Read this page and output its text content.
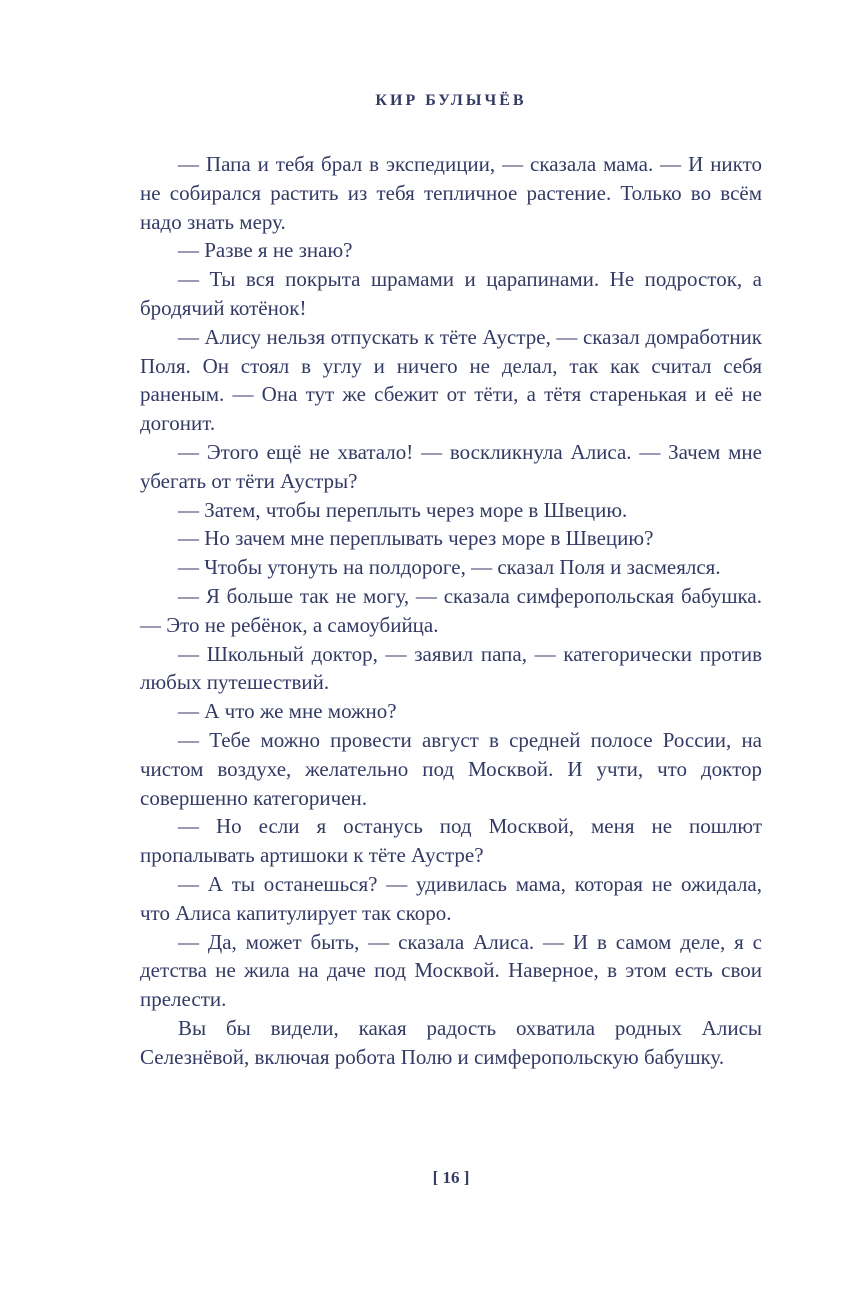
КИР БУЛЫЧЁВ

— Папа и тебя брал в экспедиции, — сказала мама. — И никто не собирался растить из тебя тепличное растение. Только во всём надо знать меру.

— Разве я не знаю?

— Ты вся покрыта шрамами и царапинами. Не подросток, а бродячий котёнок!

— Алису нельзя отпускать к тёте Аустре, — сказал домработник Поля. Он стоял в углу и ничего не делал, так как считал себя раненым. — Она тут же сбежит от тёти, а тётя старенькая и её не догонит.

— Этого ещё не хватало! — воскликнула Алиса. — Зачем мне убегать от тёти Аустры?

— Затем, чтобы переплыть через море в Швецию.

— Но зачем мне переплывать через море в Швецию?

— Чтобы утонуть на полдороге, — сказал Поля и засмеялся.

— Я больше так не могу, — сказала симферопольская бабушка. — Это не ребёнок, а самоубийца.

— Школьный доктор, — заявил папа, — категорически против любых путешествий.

— А что же мне можно?

— Тебе можно провести август в средней полосе России, на чистом воздухе, желательно под Москвой. И учти, что доктор совершенно категоричен.

— Но если я останусь под Москвой, меня не пошлют пропалывать артишоки к тёте Аустре?

— А ты останешься? — удивилась мама, которая не ожидала, что Алиса капитулирует так скоро.

— Да, может быть, — сказала Алиса. — И в самом деле, я с детства не жила на даче под Москвой. Наверное, в этом есть свои прелести.

Вы бы видели, какая радость охватила родных Алисы Селезнёвой, включая робота Полю и симферопольскую бабушку.

[ 16 ]
